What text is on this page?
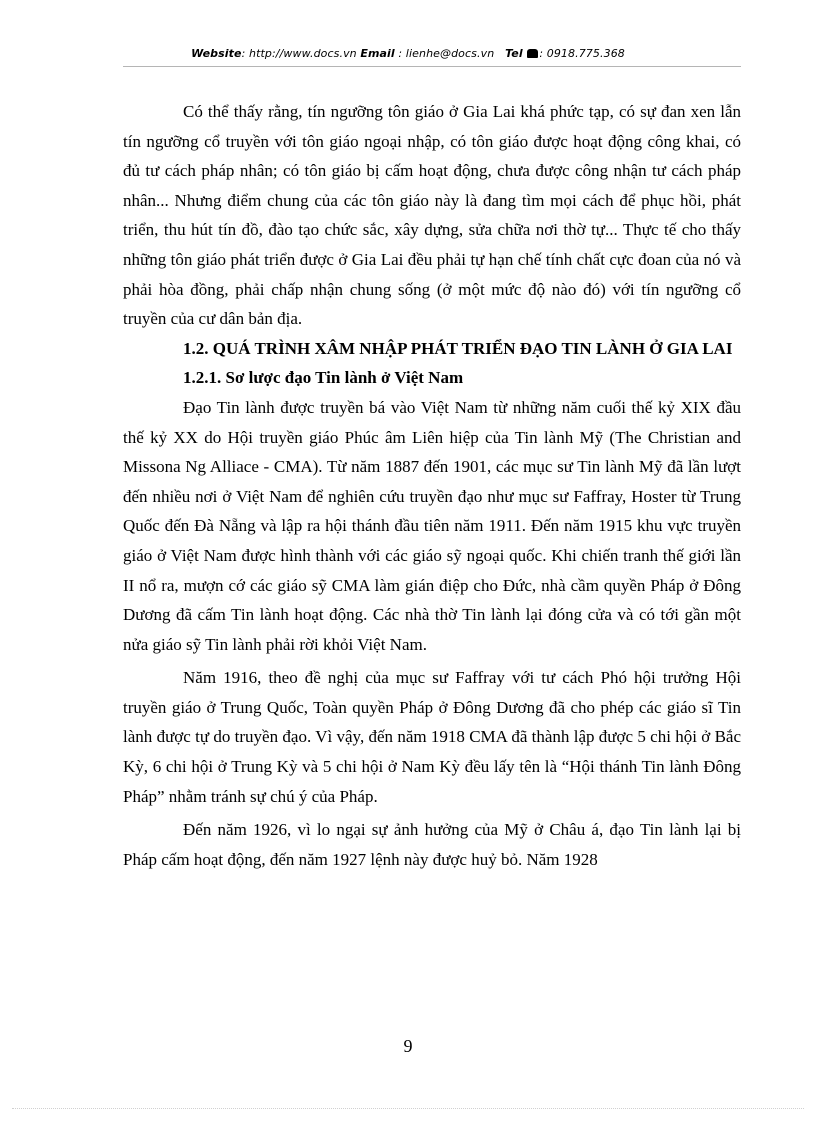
Website: http://www.docs.vn Email : lienhe@docs.vn Tel : 0918.775.368

Có thể thấy rằng, tín ngưỡng tôn giáo ở Gia Lai khá phức tạp, có sự đan xen lẫn tín ngưỡng cổ truyền với tôn giáo ngoại nhập, có tôn giáo được hoạt động công khai, có đủ tư cách pháp nhân; có tôn giáo bị cấm hoạt động, chưa được công nhận tư cách pháp nhân... Nhưng điểm chung của các tôn giáo này là đang tìm mọi cách để phục hồi, phát triển, thu hút tín đồ, đào tạo chức sắc, xây dựng, sửa chữa nơi thờ tự... Thực tế cho thấy những tôn giáo phát triển được ở Gia Lai đều phải tự hạn chế tính chất cực đoan của nó và phải hòa đồng, phải chấp nhận chung sống (ở một mức độ nào đó) với tín ngưỡng cổ truyền của cư dân bản địa.

1.2. QUÁ TRÌNH XÂM NHẬP PHÁT TRIỂN ĐẠO TIN LÀNH Ở GIA LAI

1.2.1. Sơ lược đạo Tin lành ở Việt Nam

Đạo Tin lành được truyền bá vào Việt Nam từ những năm cuối thế kỷ XIX đầu thế kỷ XX do Hội truyền giáo Phúc âm Liên hiệp của Tin lành Mỹ (The Christian and Missona Ng Alliace - CMA). Từ năm 1887 đến 1901, các mục sư Tin lành Mỹ đã lần lượt đến nhiều nơi ở Việt Nam để nghiên cứu truyền đạo như mục sư Faffray, Hoster từ Trung Quốc đến Đà Nẵng và lập ra hội thánh đầu tiên năm 1911. Đến năm 1915 khu vực truyền giáo ở Việt Nam được hình thành với các giáo sỹ ngoại quốc. Khi chiến tranh thế giới lần II nổ ra, mượn cớ các giáo sỹ CMA làm gián điệp cho Đức, nhà cầm quyền Pháp ở Đông Dương đã cấm Tin lành hoạt động. Các nhà thờ Tin lành lại đóng cửa và có tới gần một nửa giáo sỹ Tin lành phải rời khỏi Việt Nam.

Năm 1916, theo đề nghị của mục sư Faffray với tư cách Phó hội trưởng Hội truyền giáo ở Trung Quốc, Toàn quyền Pháp ở Đông Dương đã cho phép các giáo sĩ Tin lành được tự do truyền đạo. Vì vậy, đến năm 1918 CMA đã thành lập được 5 chi hội ở Bắc Kỳ, 6 chi hội ở Trung Kỳ và 5 chi hội ở Nam Kỳ đều lấy tên là “Hội thánh Tin lành Đông Pháp” nhằm tránh sự chú ý của Pháp.

Đến năm 1926, vì lo ngại sự ảnh hưởng của Mỹ ở Châu á, đạo Tin lành lại bị Pháp cấm hoạt động, đến năm 1927 lệnh này được huỷ bỏ. Năm 1928

9
